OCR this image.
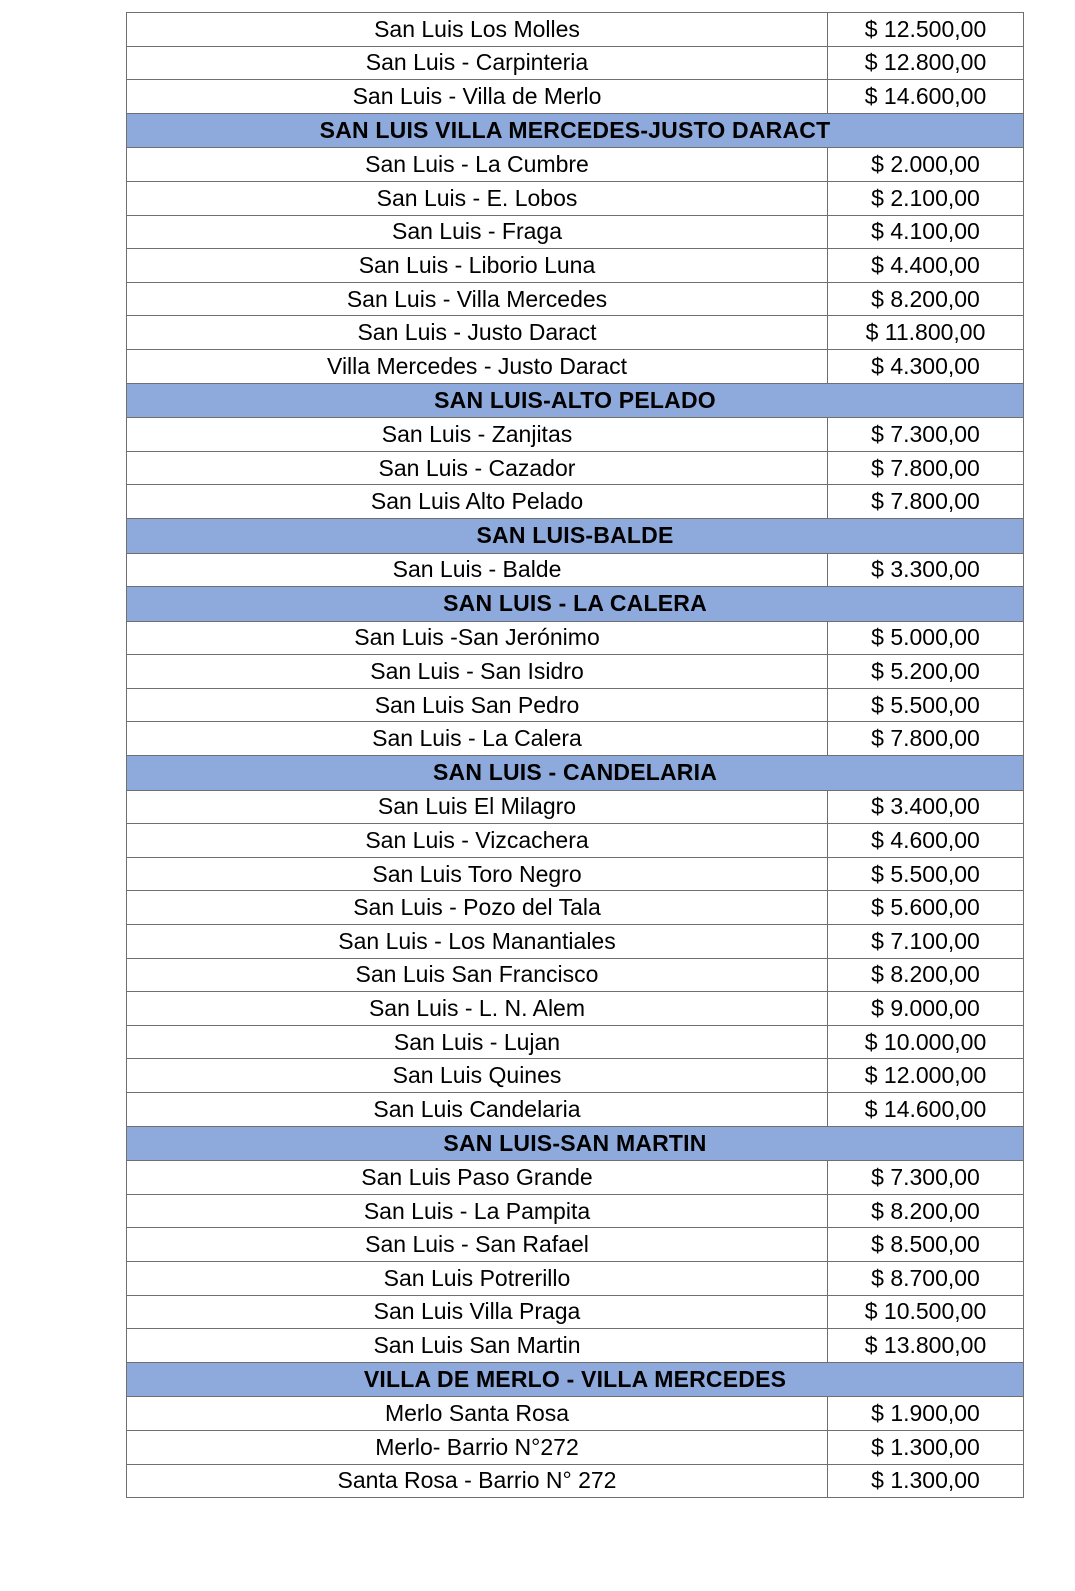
San Luis Los Molles	$ 12.500,00
San Luis - Carpinteria	$ 12.800,00
San Luis - Villa de Merlo	$ 14.600,00
SAN LUIS VILLA MERCEDES-JUSTO DARACT	
San Luis - La Cumbre	$ 2.000,00
San Luis - E. Lobos	$ 2.100,00
San Luis - Fraga	$ 4.100,00
San Luis - Liborio Luna	$ 4.400,00
San Luis - Villa Mercedes	$ 8.200,00
San Luis - Justo Daract	$ 11.800,00
Villa Mercedes - Justo Daract	$ 4.300,00
SAN LUIS-ALTO PELADO	
San Luis - Zanjitas	$ 7.300,00
San Luis - Cazador	$ 7.800,00
San Luis Alto Pelado	$ 7.800,00
SAN LUIS-BALDE	
San Luis - Balde	$ 3.300,00
SAN LUIS - LA CALERA	
San Luis -San Jerónimo	$ 5.000,00
San Luis - San Isidro	$ 5.200,00
San Luis San Pedro	$ 5.500,00
San Luis - La Calera	$ 7.800,00
SAN LUIS - CANDELARIA	
San Luis El Milagro	$ 3.400,00
San Luis - Vizcachera	$ 4.600,00
San Luis Toro Negro	$ 5.500,00
San Luis - Pozo del Tala	$ 5.600,00
San Luis - Los Manantiales	$ 7.100,00
San Luis San Francisco	$ 8.200,00
San Luis - L. N. Alem	$ 9.000,00
San Luis - Lujan	$ 10.000,00
San Luis Quines	$ 12.000,00
San Luis Candelaria	$ 14.600,00
SAN LUIS-SAN MARTIN	
San Luis Paso Grande	$ 7.300,00
San Luis - La Pampita	$ 8.200,00
San Luis - San Rafael	$ 8.500,00
San Luis Potrerillo	$ 8.700,00
San Luis Villa Praga	$ 10.500,00
San Luis San Martin	$ 13.800,00
VILLA DE MERLO - VILLA MERCEDES	
Merlo Santa Rosa	$ 1.900,00
Merlo- Barrio N°272	$ 1.300,00
Santa Rosa - Barrio N° 272	$ 1.300,00
